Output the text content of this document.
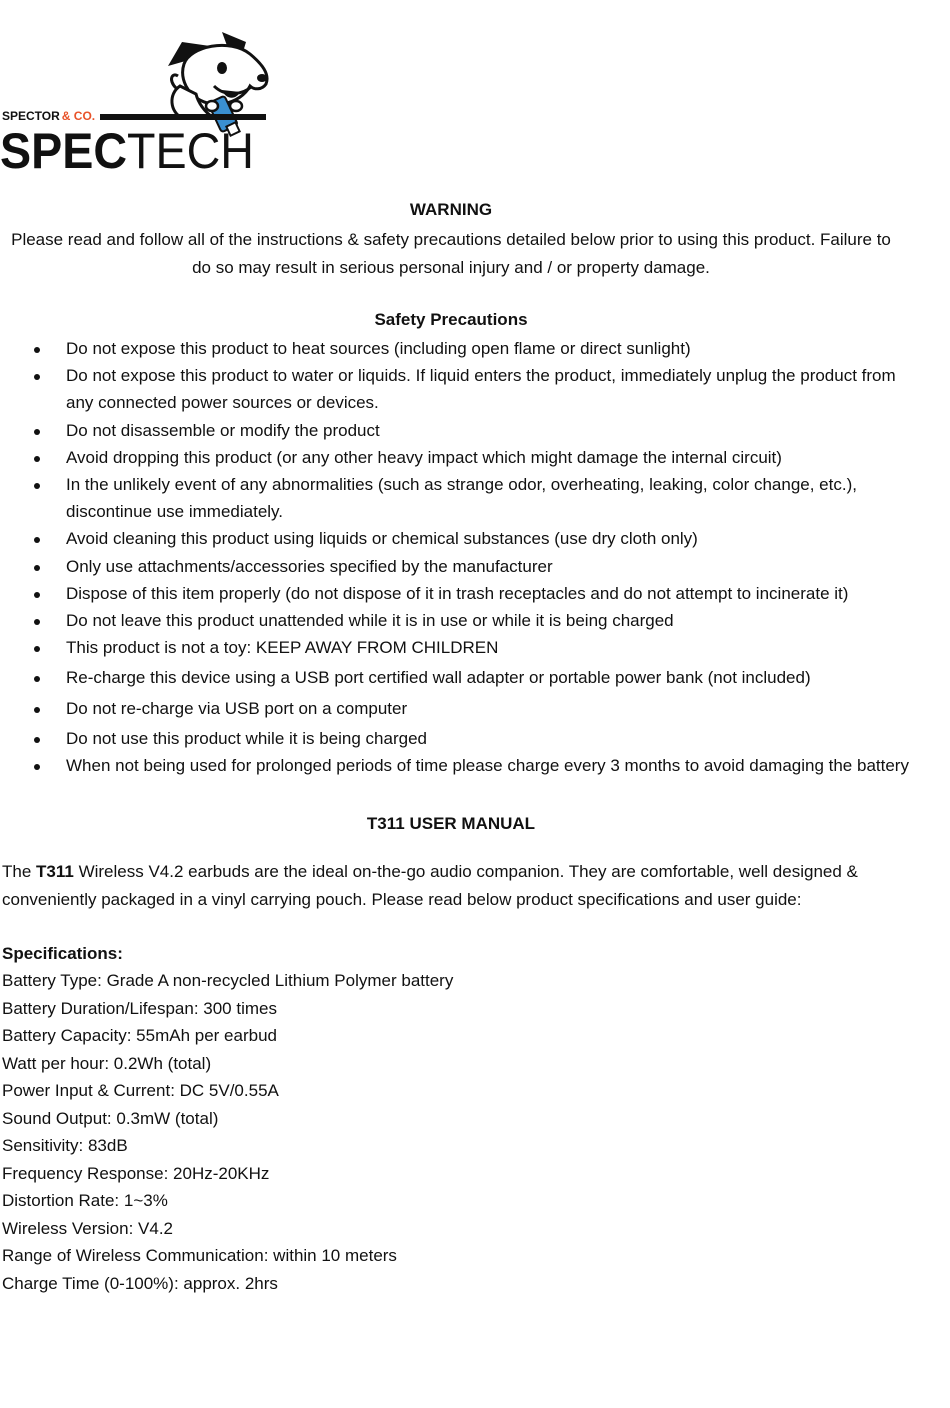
SPECTOR & CO.
SPECTECH
WARNING
Please read and follow all of the instructions & safety precautions detailed below prior to using this product. Failure to do so may result in serious personal injury and / or property damage.
Safety Precautions
Do not expose this product to heat sources (including open flame or direct sunlight)
Do not expose this product to water or liquids. If liquid enters the product, immediately unplug the product from any connected power sources or devices.
Do not disassemble or modify the product
Avoid dropping this product (or any other heavy impact which might damage the internal circuit)
In the unlikely event of any abnormalities (such as strange odor, overheating, leaking, color change, etc.), discontinue use immediately.
Avoid cleaning this product using liquids or chemical substances (use dry cloth only)
Only use attachments/accessories specified by the manufacturer
Dispose of this item properly (do not dispose of it in trash receptacles and do not attempt to incinerate it)
Do not leave this product unattended while it is in use or while it is being charged
This product is not a toy: KEEP AWAY FROM CHILDREN
Re-charge this device using a USB port certified wall adapter or portable power bank (not included)
Do not re-charge via USB port on a computer
Do not use this product while it is being charged
When not being used for prolonged periods of time please charge every 3 months to avoid damaging the battery
T311 USER MANUAL

The T311 Wireless V4.2 earbuds are the ideal on-the-go audio companion. They are comfortable, well designed & conveniently packaged in a vinyl carrying pouch. Please read below product specifications and user guide:

Specifications:
Battery Type: Grade A non-recycled Lithium Polymer battery
Battery Duration/Lifespan: 300 times
Battery Capacity: 55mAh per earbud
Watt per hour: 0.2Wh (total)
Power Input & Current: DC 5V/0.55A
Sound Output: 0.3mW (total)
Sensitivity: 83dB
Frequency Response: 20Hz-20KHz
Distortion Rate: 1~3%
Wireless Version: V4.2
Range of Wireless Communication: within 10 meters
Charge Time (0-100%): approx. 2hrs
